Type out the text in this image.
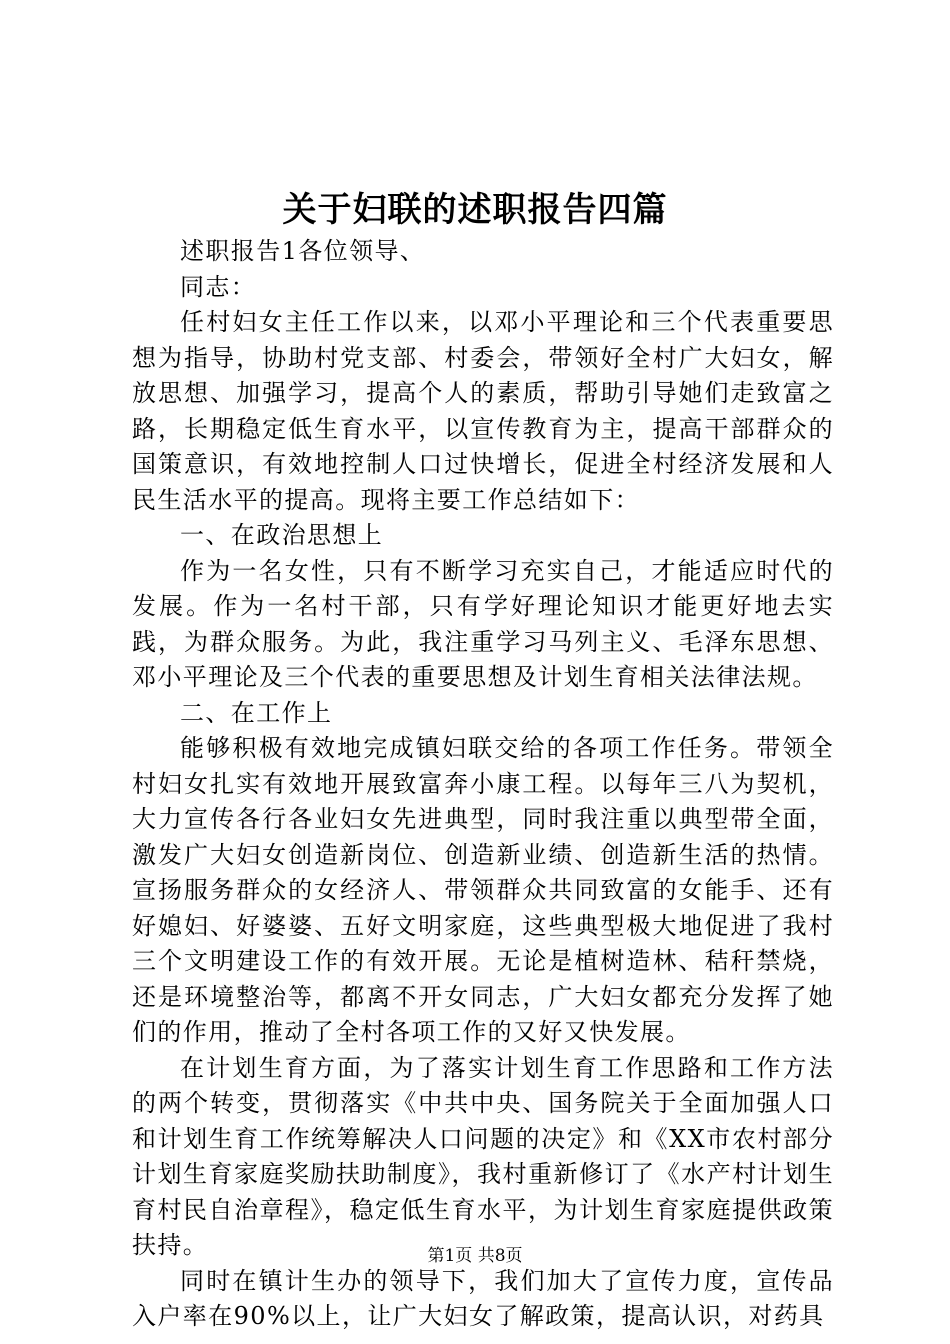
关于妇联的述职报告四篇

述职报告1各位领导、

同志：

任村妇女主任工作以来，以邓小平理论和三个代表重要思想为指导，协助村党支部、村委会，带领好全村广大妇女，解放思想、加强学习，提高个人的素质，帮助引导她们走致富之路，长期稳定低生育水平，以宣传教育为主，提高干部群众的国策意识，有效地控制人口过快增长，促进全村经济发展和人民生活水平的提高。现将主要工作总结如下：

一、在政治思想上

作为一名女性，只有不断学习充实自己，才能适应时代的发展。作为一名村干部，只有学好理论知识才能更好地去实践，为群众服务。为此，我注重学习马列主义、毛泽东思想、邓小平理论及三个代表的重要思想及计划生育相关法律法规。

二、在工作上

能够积极有效地完成镇妇联交给的各项工作任务。带领全村妇女扎实有效地开展致富奔小康工程。以每年三八为契机，大力宣传各行各业妇女先进典型，同时我注重以典型带全面，激发广大妇女创造新岗位、创造新业绩、创造新生活的热情。宣扬服务群众的女经济人、带领群众共同致富的女能手、还有好媳妇、好婆婆、五好文明家庭，这些典型极大地促进了我村三个文明建设工作的有效开展。无论是植树造林、秸秆禁烧，还是环境整治等，都离不开女同志，广大妇女都充分发挥了她们的作用，推动了全村各项工作的又好又快发展。

在计划生育方面，为了落实计划生育工作思路和工作方法的两个转变，贯彻落实《中共中央、国务院关于全面加强人口和计划生育工作统筹解决人口问题的决定》和《XX市农村部分计划生育家庭奖励扶助制度》，我村重新修订了《水产村计划生育村民自治章程》，稳定低生育水平，为计划生育家庭提供政策扶持。

同时在镇计生办的领导下，我们加大了宣传力度，宣传品入户率在90%以上，让广大妇女了解政策，提高认识，对药具

第1页 共8页
